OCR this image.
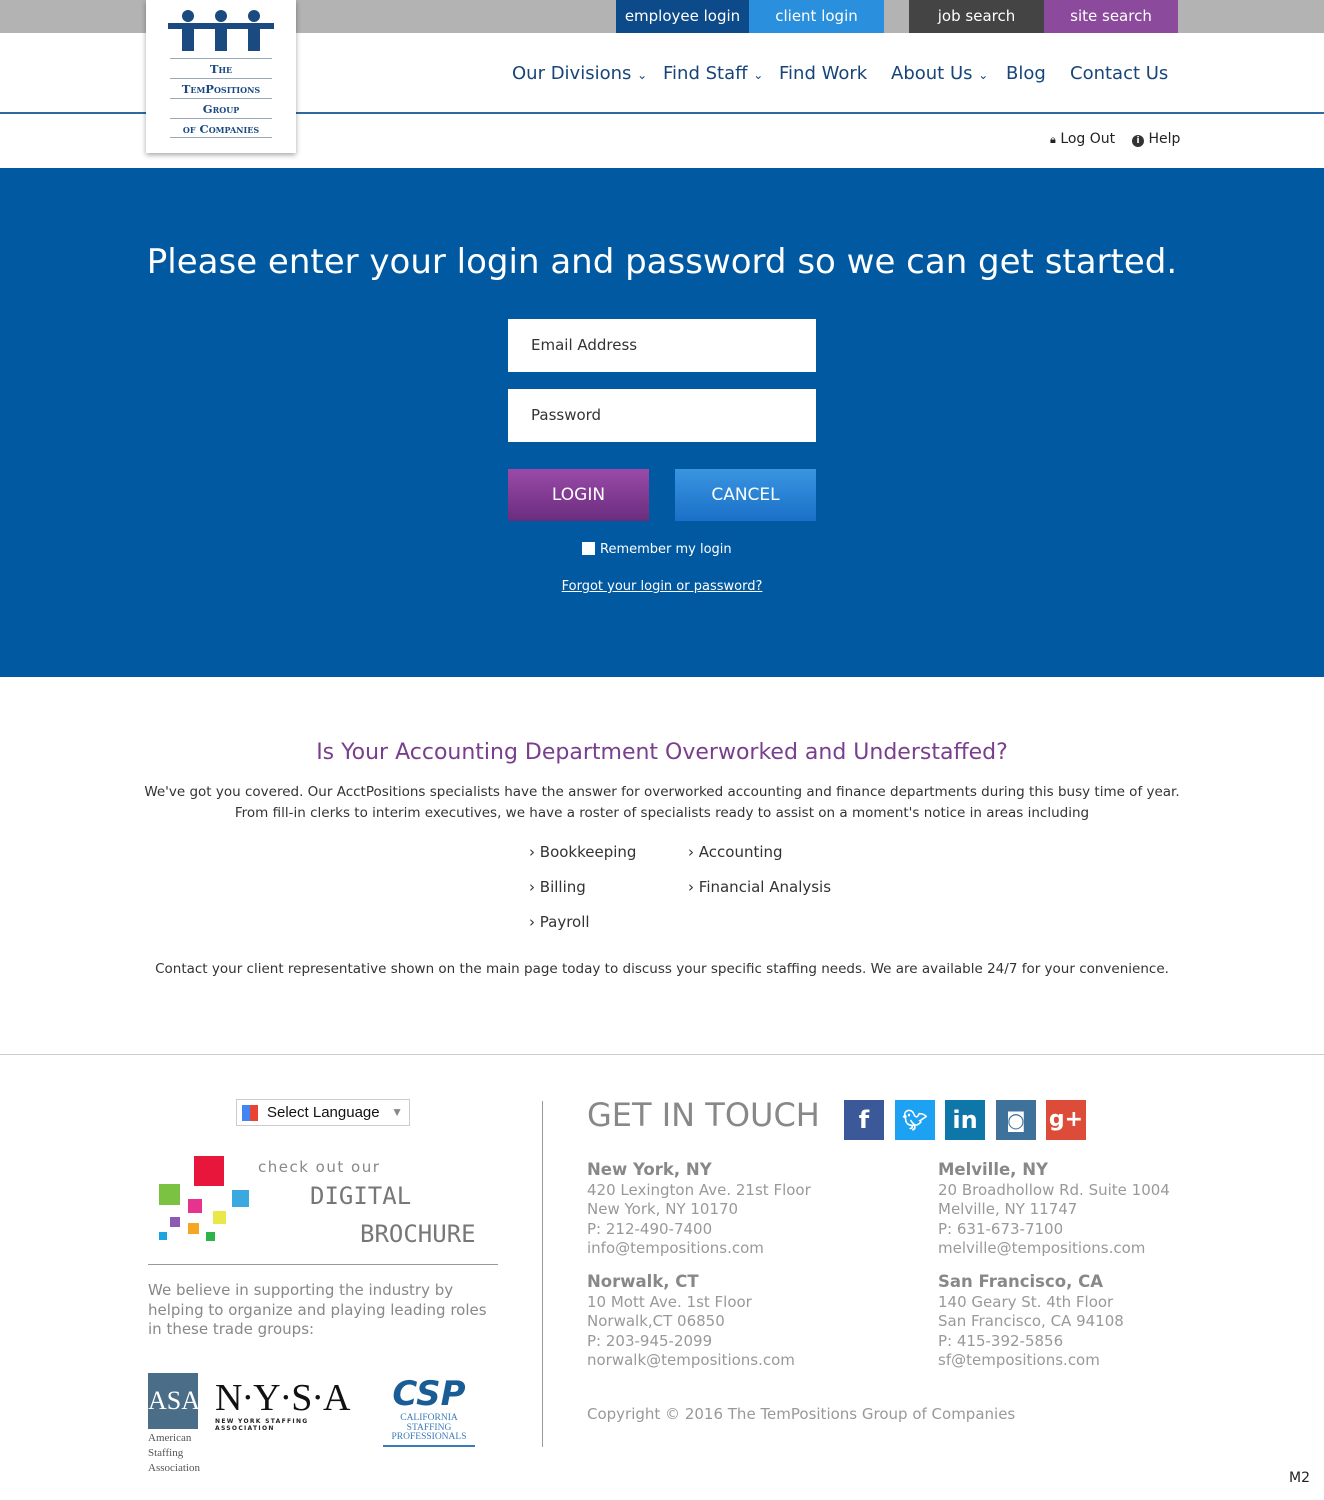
employee login	client login	job search	site search
The
TemPositions
Group
of Companies
Our Divisions ⌄ Find Staff ⌄ Find Work About Us ⌄ Blog Contact Us
🔒︎ Log Out	i Help
Please enter your login and password so we can get started.
Email Address
Password
LOGIN	CANCEL
Remember my login
Forgot your login or password?
Is Your Accounting Department Overworked and Understaffed?
We've got you covered. Our AcctPositions specialists have the answer for overworked accounting and finance departments during this busy time of year. From fill-in clerks to interim executives, we have a roster of specialists ready to assist on a moment's notice in areas including
› Bookkeeping	› Accounting
› Billing	› Financial Analysis
› Payroll
Contact your client representative shown on the main page today to discuss your specific staffing needs. We are available 24/7 for your convenience.
Select Language ▼
check out our
DIGITAL
BROCHURE
We believe in supporting the industry by helping to organize and playing leading roles in these trade groups:
ASA
American Staffing Association
N·Y·S·A
NEW YORK STAFFING ASSOCIATION
CSP
CALIFORNIA STAFFING PROFESSIONALS
GET IN TOUCH	f	🐦︎	in	◙	g+
New York, NY
420 Lexington Ave. 21st Floor
New York, NY 10170
P: 212-490-7400
info@tempositions.com
Melville, NY
20 Broadhollow Rd. Suite 1004
Melville, NY 11747
P: 631-673-7100
melville@tempositions.com
Norwalk, CT
10 Mott Ave. 1st Floor
Norwalk,CT 06850
P: 203-945-2099
norwalk@tempositions.com
San Francisco, CA
140 Geary St. 4th Floor
San Francisco, CA 94108
P: 415-392-5856
sf@tempositions.com
Copyright © 2016 The TemPositions Group of Companies
M2
